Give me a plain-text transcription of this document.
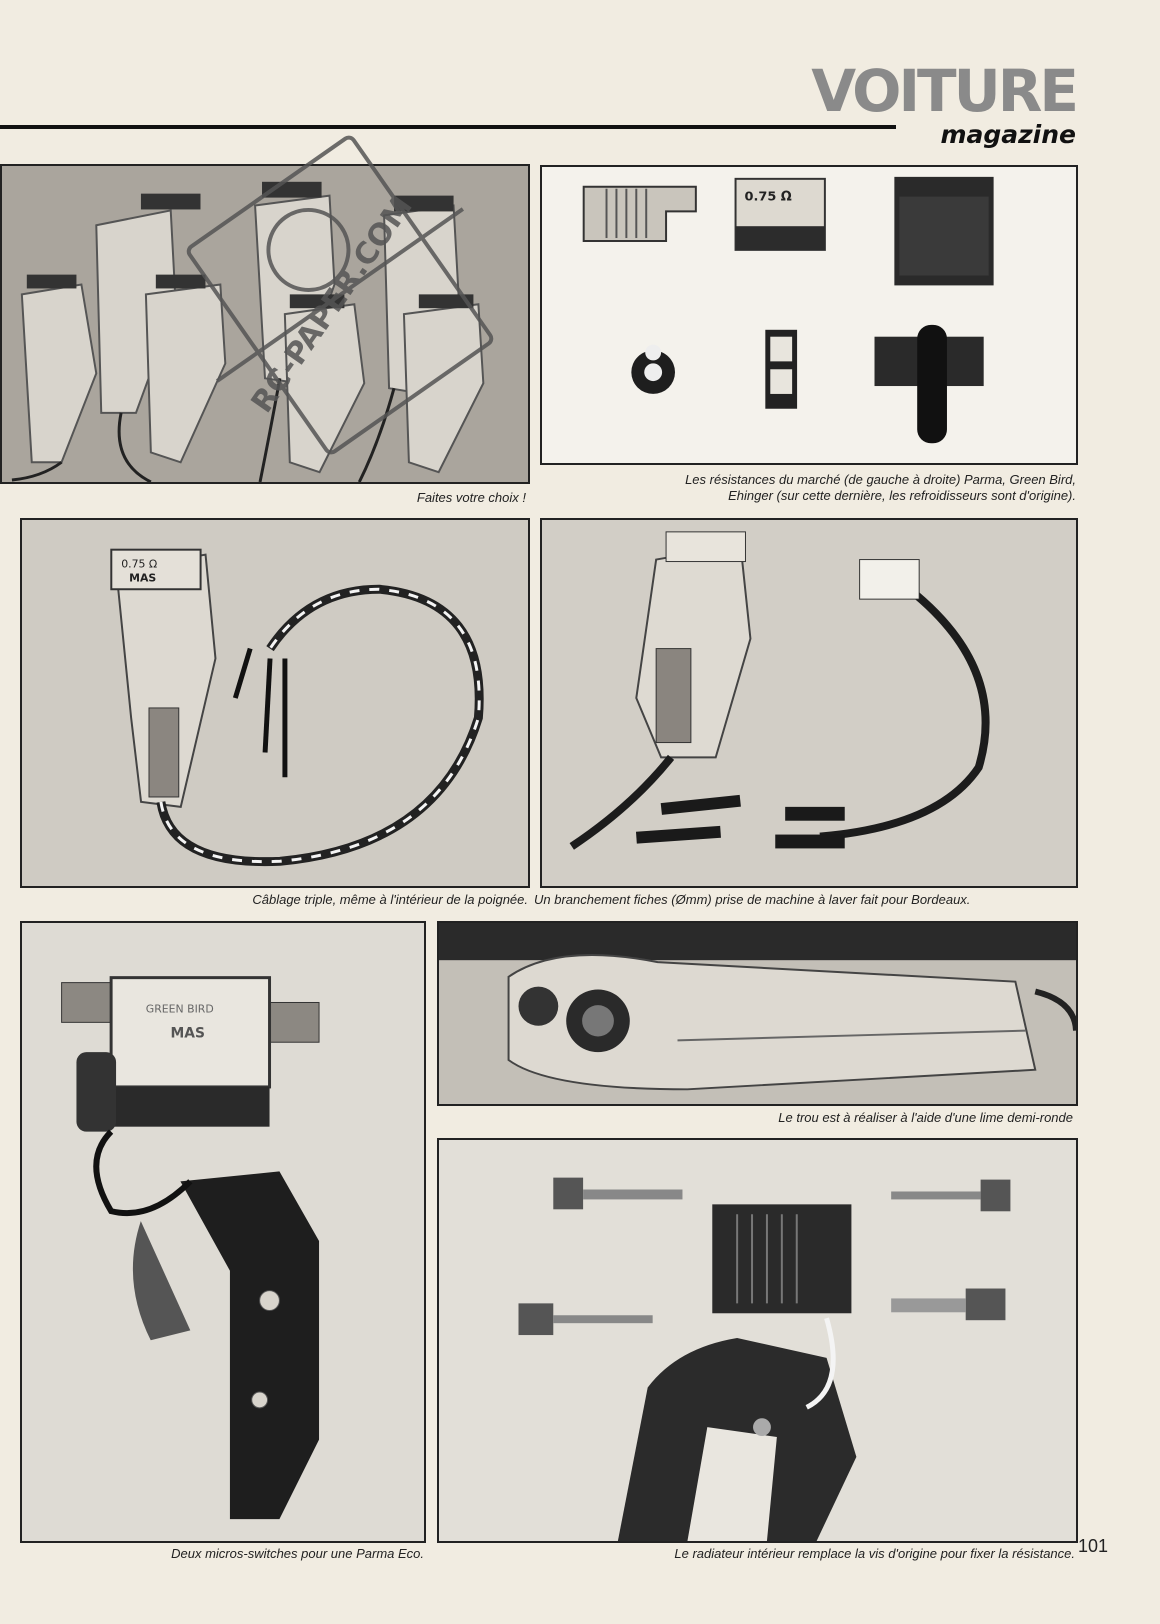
VOITURE
magazine
Faites votre choix !
RC-PAPER.COM	0.75 Ω
Les résistances du marché (de gauche à droite) Parma, Green Bird,
Ehinger (sur cette dernière, les refroidisseurs sont d'origine).
0.75 Ω
MAS
Câblage triple, même à l'intérieur de la poignée. Un branchement fiches (Ømm) prise de machine à laver fait pour Bordeaux.
GREEN BIRD
MAS
Deux micros-switches pour une Parma Eco.
Le trou est à réaliser à l'aide d'une lime demi-ronde
Le radiateur intérieur remplace la vis d'origine pour fixer la résistance. 101
